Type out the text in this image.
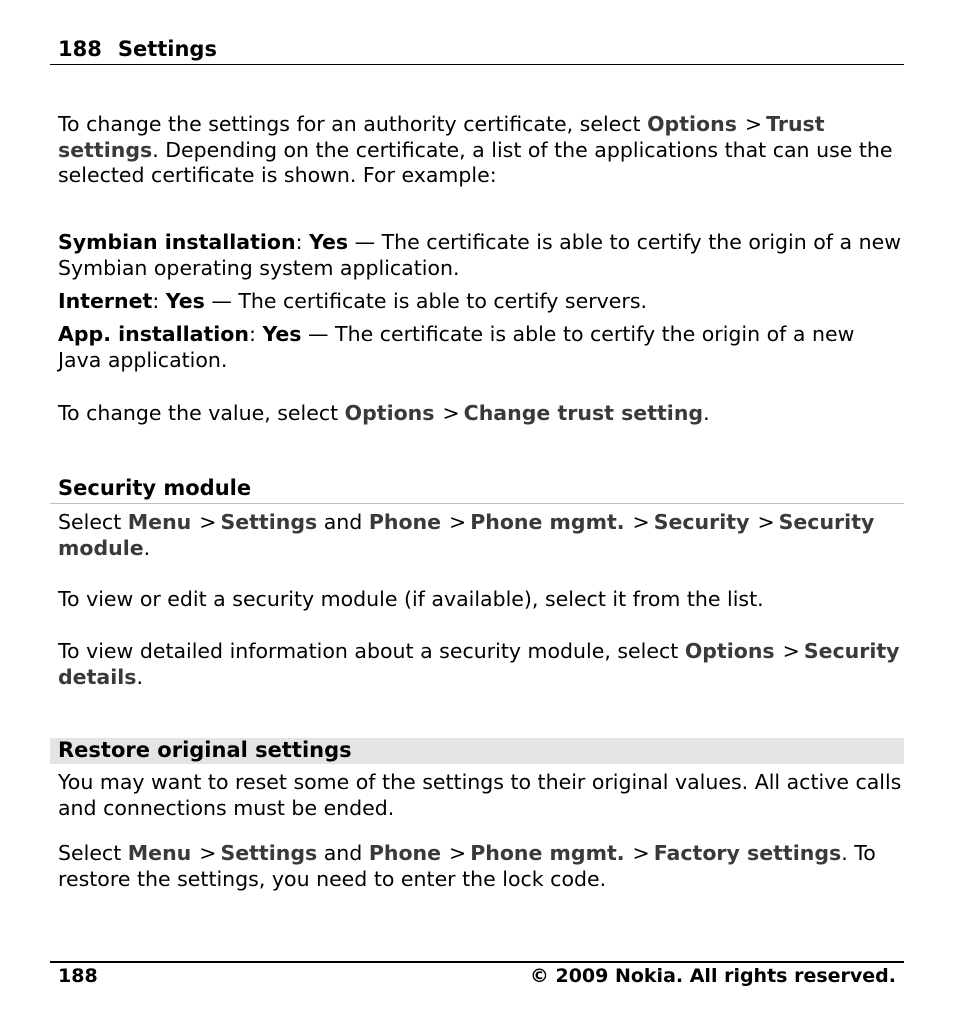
188 Settings
To change the settings for an authority certificate, select Options > Trust settings. Depending on the certificate, a list of the applications that can use the selected certificate is shown. For example:
Symbian installation: Yes — The certificate is able to certify the origin of a new Symbian operating system application.
Internet: Yes — The certificate is able to certify servers.
App. installation: Yes — The certificate is able to certify the origin of a new Java application.
To change the value, select Options > Change trust setting.
Security module
Select Menu > Settings and Phone > Phone mgmt. > Security > Security module.
To view or edit a security module (if available), select it from the list.
To view detailed information about a security module, select Options > Security details.
Restore original settings
You may want to reset some of the settings to their original values. All active calls and connections must be ended.
Select Menu > Settings and Phone > Phone mgmt. > Factory settings. To restore the settings, you need to enter the lock code.
188	© 2009 Nokia. All rights reserved.
